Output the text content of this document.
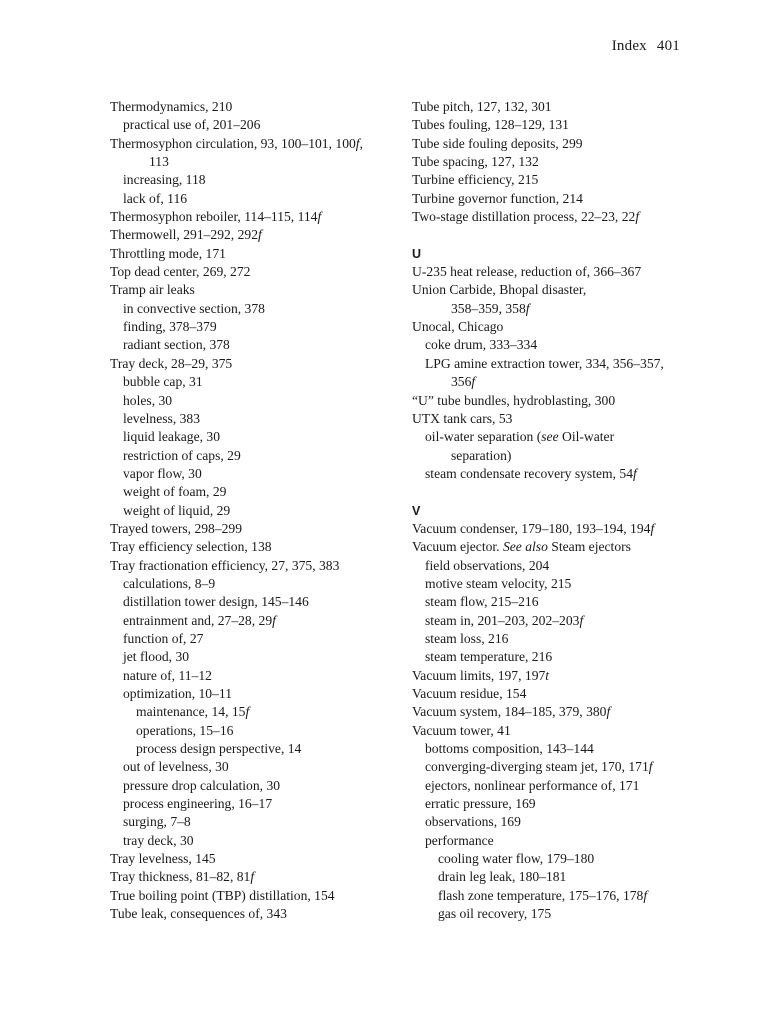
Index 401
Thermodynamics, 210
practical use of, 201–206
Thermosyphon circulation, 93, 100–101, 100f,
113
increasing, 118
lack of, 116
Thermosyphon reboiler, 114–115, 114f
Thermowell, 291–292, 292f
Throttling mode, 171
Top dead center, 269, 272
Tramp air leaks
in convective section, 378
finding, 378–379
radiant section, 378
Tray deck, 28–29, 375
bubble cap, 31
holes, 30
levelness, 383
liquid leakage, 30
restriction of caps, 29
vapor flow, 30
weight of foam, 29
weight of liquid, 29
Trayed towers, 298–299
Tray efficiency selection, 138
Tray fractionation efficiency, 27, 375, 383
calculations, 8–9
distillation tower design, 145–146
entrainment and, 27–28, 29f
function of, 27
jet flood, 30
nature of, 11–12
optimization, 10–11
maintenance, 14, 15f
operations, 15–16
process design perspective, 14
out of levelness, 30
pressure drop calculation, 30
process engineering, 16–17
surging, 7–8
tray deck, 30
Tray levelness, 145
Tray thickness, 81–82, 81f
True boiling point (TBP) distillation, 154
Tube leak, consequences of, 343
Tube pitch, 127, 132, 301
Tubes fouling, 128–129, 131
Tube side fouling deposits, 299
Tube spacing, 127, 132
Turbine efficiency, 215
Turbine governor function, 214
Two-stage distillation process, 22–23, 22f
U
U-235 heat release, reduction of, 366–367
Union Carbide, Bhopal disaster,
358–359, 358f
Unocal, Chicago
coke drum, 333–334
LPG amine extraction tower, 334, 356–357,
356f
“U” tube bundles, hydroblasting, 300
UTX tank cars, 53
oil-water separation (see Oil-water
separation)
steam condensate recovery system, 54f
V
Vacuum condenser, 179–180, 193–194, 194f
Vacuum ejector. See also Steam ejectors
field observations, 204
motive steam velocity, 215
steam flow, 215–216
steam in, 201–203, 202–203f
steam loss, 216
steam temperature, 216
Vacuum limits, 197, 197t
Vacuum residue, 154
Vacuum system, 184–185, 379, 380f
Vacuum tower, 41
bottoms composition, 143–144
converging-diverging steam jet, 170, 171f
ejectors, nonlinear performance of, 171
erratic pressure, 169
observations, 169
performance
cooling water flow, 179–180
drain leg leak, 180–181
flash zone temperature, 175–176, 178f
gas oil recovery, 175
